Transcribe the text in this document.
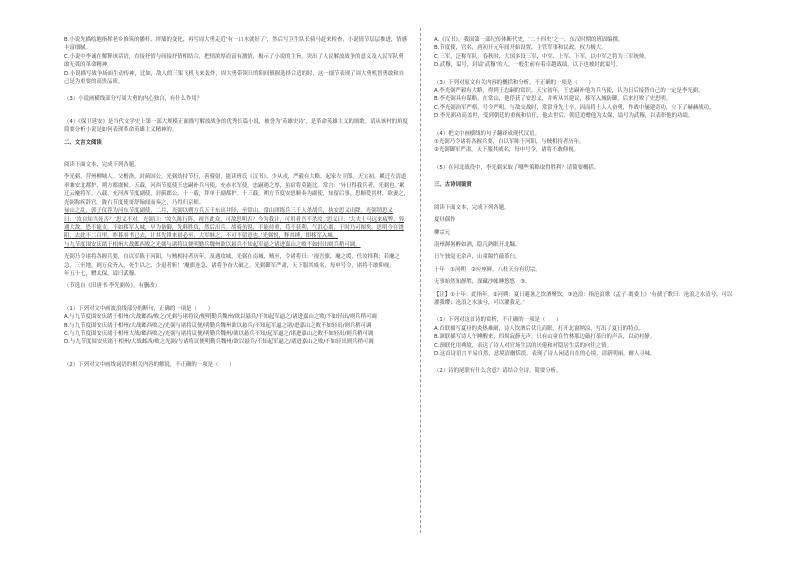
B.小说先描绘地指挥老乡修筑的播杆、坪墙的变化，再写周大勇走近‘有一口水就好了’，然后写卫生队长骑马赶来检查，小说情节层层推进，情感丰富细腻。

C.小说中李诚在解释该话语，直接抒情与间接抒情相结合，把情浓厚而富有激情，揭示了小说的主旨，突出了人民解放战争的意义及人民军队勇敢无畏的革命精神。

D.小说描写战争场面生动传神，比如，敌人的三架飞机飞来轰炸，周大勇带领日的阳间镇握选择合适的时，这一细节表现了周大勇机智勇敢和自己是为重要的高贵品质。

（3）小说画横线部分写周大勇的内心独白，有什么作用？

（4）《保卫延安》是当代文学史上第一部大规模正面描写解放战争的优秀长篇小说，被誉为‘英雄史诗’，是革命英雄主义的颂歌。请从该村的角度简要分析小说是如何表现革命英雄主义精神的。

二、文言文阅读

阅读下面文本，完成下列各题。

李光弼，营州柳城人。父楷洛，封蓟国公，光弼幼持节行，善骑射，能读班氏《汉书》，少从戎，严毅有大略。起家左卫郎。天宝初，累迁左清道率兼安北都护、朔方都虞候。五载，河西节度使王忠嗣补兵马使，充赤水军使。忠嗣遇之厚，虽宿将莫能比。常言：‘异日得我兵者，光弼也。’累迁云麾将军。八载，充河西节度副使，封蓟郡公。十一载，拜单于副都护。十三载，朔方节度安思顺奏为副使，知留后事。思顺爱其材，欲妻之，光弼称疾辞官。陇右节度使哥舒翰闻而奏之，乃得归京师。

禄山之乱，郭子仪荐为河东节度副使，二月，光弼以朔方兵五千东出井陉，至常山，常山团练兵三千人杀胡兵，执安思义出降。光弼谓思义曰：‘汝自知当死否？’思义不对。光弼曰：‘汝久陈行阵，视吾此众，可敌思明否？今为我计，可用者吾不杀汝。’思义曰：‘大夫士马远来疲弊，猝遇大敌，恐不能支。不如移军入城，早为备御，先料胜负，然后出兵。胡骑虽锐，不能持重，苟不获利，气沮心离，于时乃可图矣。思明今在饶阳，去此不二百里。昨暮羽书已去，计其先锋来晨必至，大军继之，不可不留意也。’光弼悦，释其缚，即移军入城。

与九节度围安庆绪于相州大战邺西败之光弼与诸将议便明勤兵魏州欲以悬兵不知起军逼之诸进嘉山之败不如轻出则兵稍可调。

光弼乃令诸将各握兵要，自以军陈于河阳，与贼相持者历年。及遇攻城，光弼在南城，贼至，令诸将曰：‘视吾旗，麾之缓，任汝择利；若麾之急，三至地，则万众齐入，死生以之，少退者斩！’麾旗连急，诸将争奋大破之。光弼御军严肃，天下服其威名，每申号令，诸将不敢仰视。

年五十七，赠太保，谥曰武穆。

（节选自《旧唐书·李光弼传》，有删改）

（1）下列对文中画波浪线部分的断句，正确的一项是（　　）

A.与九节度围安庆绪于相州/大战邺西/败之/光弼与诸将议/便明勤兵魏州/欲以悬兵/不知起军逼之/诸进嘉山之败/不如轻出/则兵稍可调

B.与九节度围安庆绪于相州/大战邺西败之/光弼与诸将议便/明勤兵魏州欲以悬兵/不知起军逼之诸/进嘉山之败不如轻出/则兵稍可调

C.与九节度围安庆绪于相州大战/邺西败之/光弼与诸将议便/明勤兵魏州/欲以悬兵不知/起军逼之/诸进嘉山之败不如轻出/则兵稍可调

D.与九节度围安庆绪于相州/大战邺西/败之光弼/与诸将议便明勤兵魏州/欲以悬兵/不知起军逼之/诸进嘉山之败/不如轻出则兵稍可调

（2）下列对文中画线词语的相关内容的解说，不正确的一项是（　　）

A.《汉书》，我国第一部纪传体断代史，‘二十四史’之一，东汉时期的班固编撰。

B.节度使，官名，唐初开元年间开始设置，主管军事和民政，权力极大。

C.三军，泛称军队。春秋时，大国多设三军，中军、上军、下军，以中军之将为三军统帅。

D.武穆，谥号，封谥‘武穆’的人，一般生前有着卓越战绩，以下也被封此谥号。

（3）下列对原文有关内容的概括和分析，不正确的一项是（　　）

A.李光弼严毅有大略，得到王忠嗣的赏识。天宝初年，王忠嗣补他为兵马使，认为日后接替自己的一定是李光弼。

B.李光弼具有谋略，在常山，他俘获了安思义，并听从其建议，移军入城防御，后来打败了史思明。

C.李光弼治军严格，号令严明，与敌交战时，常常身先士卒，因而将士人人奋勇，作战中屡建奇功，立下了赫赫战功。

D.李光弼功高盖世，受到朝廷的重视和信任，他去世后，朝廷追赠他为太保，谥号为武穆，以表彰他的功绩。

（4）把文中画横线的句子翻译成现代汉语。

①光弼乃令诸将各握兵要，自以军陈于河阳，与贼相持者历年。

②光弼御军严肃，天下服其威名，每申号令，诸将不敢仰视。

（5）在河北战役中，李光弼采取了哪些策略取得胜利？请简要概括。

三、古诗词鉴赏

阅读下面文本，完成下列各题。

夏昼偶作

柳宗元

南州溽暑醉如酒，隐几熟眠开北牖。

日午独觉无余声，山童隔竹敲茶臼。

十年　①河朔　②应座鲜，八柱天台有切宗。

无事始然知静胜，深藏沙帐睡悠悠　③。

【注】①十年：此指年。②河朔：夏日避暑之饮酒聚饮。③沧浪：指沧浪歌《孟子·离娄上》‘有孺子歌曰：沧浪之水清兮，可以濯我缨；沧浪之水浊兮，可以濯我足。’

（1）下列对这首诗的赏析，不正确的一项是（　　）

A.首联描写夏昼的炎热难耐，诗人饮酒后伏几而眠，打开北窗纳凉，写出了夏日的特点。

B.颔联描写诗人午睡醒来，四周寂静无声，只有山童在竹林那边敲打茶臼的声音，以动衬静。

C.颈联化用典故，表达了诗人对官场生活的厌倦和对隐居生活的向往之情。

D.这首诗语言平易自然，意境清幽恬淡，表现了诗人闲适自在的心境，清新明丽，耐人寻味。

（2）诗的尾联有什么含意？请结合全诗，简要分析。
